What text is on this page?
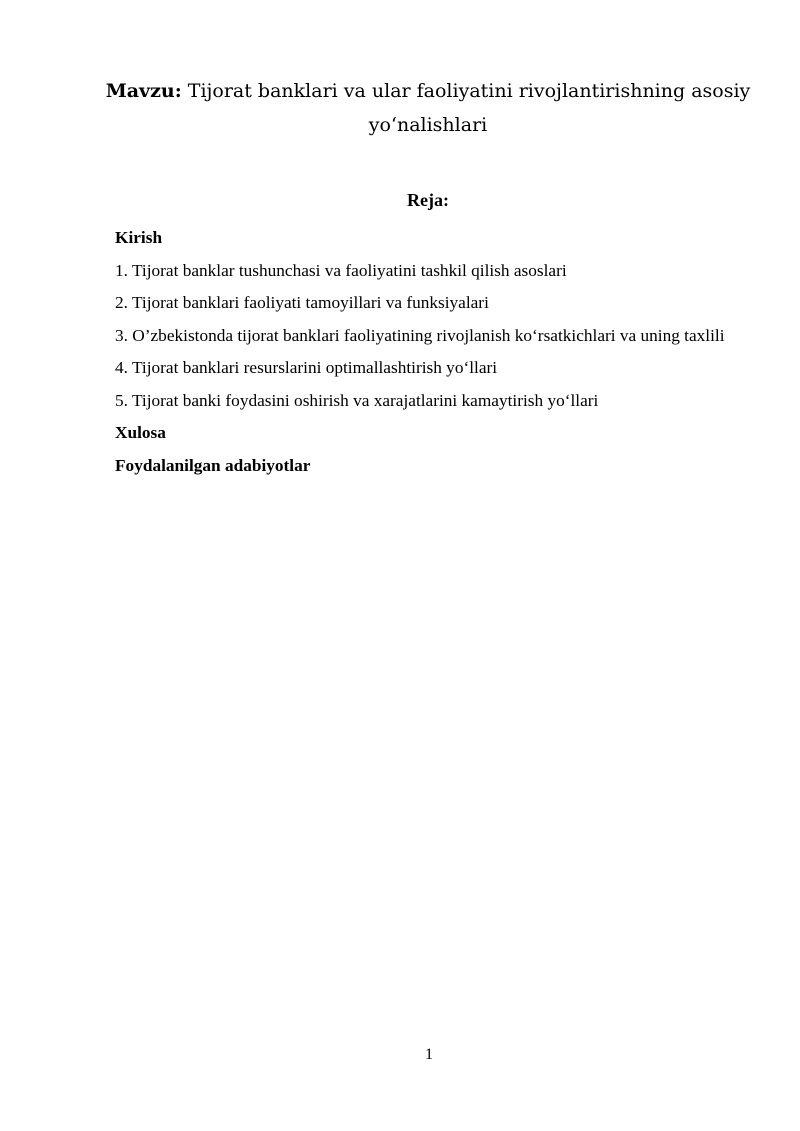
Mavzu: Tijorat banklari va ular faoliyatini rivojlantirishning asosiy yo‘nalishlari

Reja:

Kirish
1. Tijorat banklar tushunchasi va faoliyatini tashkil qilish asoslari
2. Tijorat banklari faoliyati tamoyillari va funksiyalari
3. O’zbekistonda tijorat banklari faoliyatining rivojlanish ko‘rsatkichlari va uning taxlili
4. Tijorat banklari resurslarini optimallashtirish yo‘llari
5. Tijorat banki foydasini oshirish va xarajatlarini kamaytirish yo‘llari
Xulosa
Foydalanilgan adabiyotlar
1
